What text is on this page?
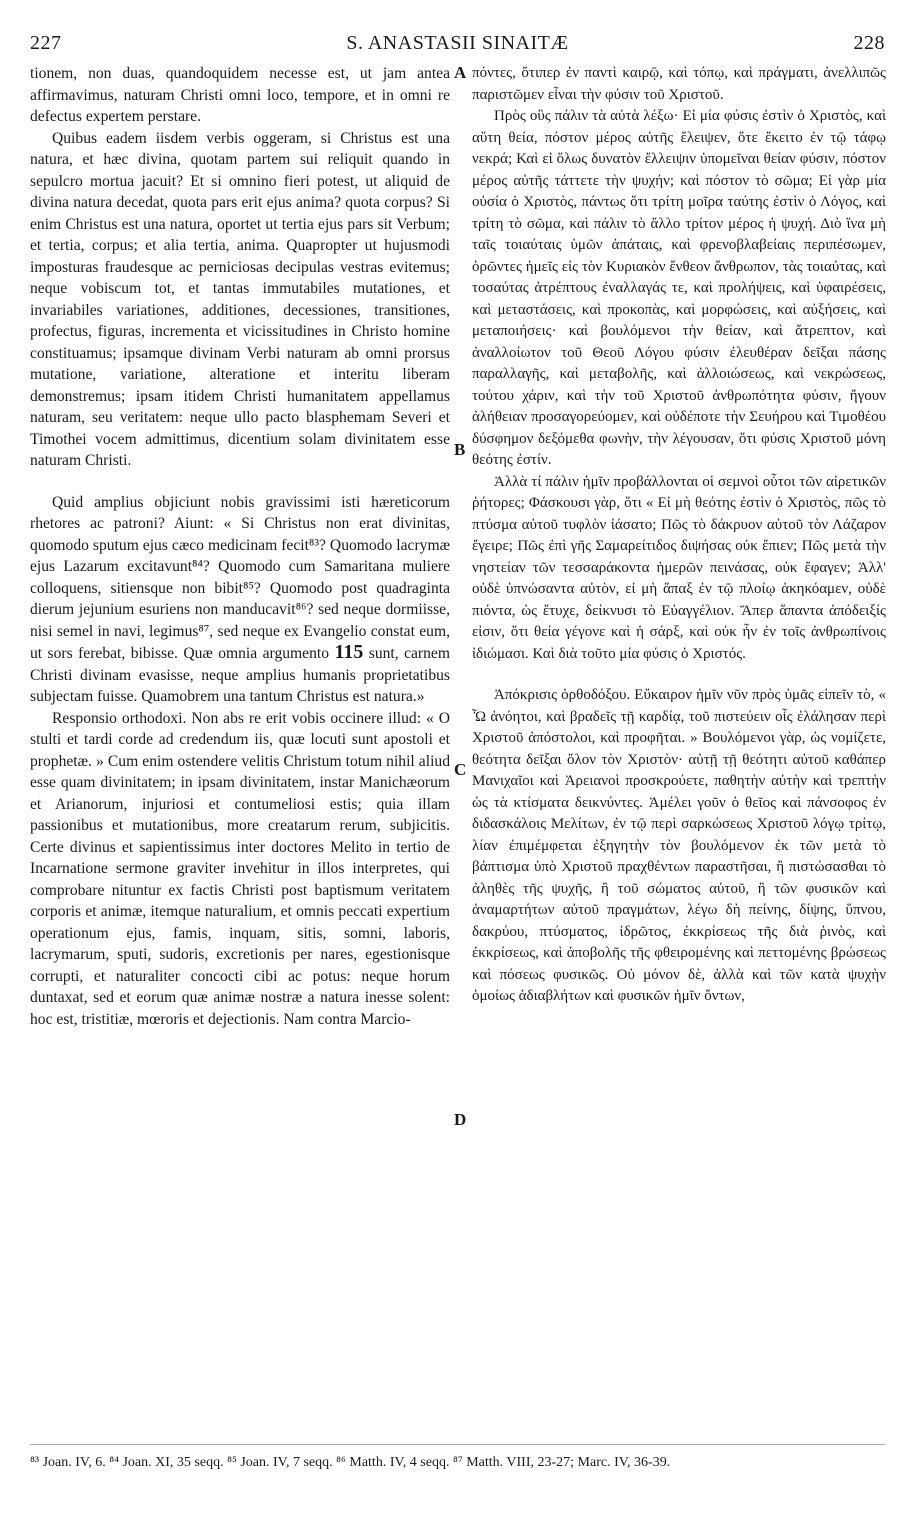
227	S. ANASTASII SINAITÆ	228

tionem, non duas, quandoquidem necesse est, ut jam antea affirmavimus, naturam Christi omni loco, tempore, et in omni re defectus expertem perstare.

Quibus eadem iisdem verbis oggeram, si Christus est una natura, et hæc divina, quotam partem sui reliquit quando in sepulcro mortua jacuit? Et si omnino fieri potest, ut aliquid de divina natura decedat, quota pars erit ejus anima? quota corpus? Si enim Christus est una natura, oportet ut tertia ejus pars sit Verbum; et tertia, corpus; et alia tertia, anima. Quapropter ut hujusmodi imposturas fraudesque ac perniciosas decipulas vestras evitemus; neque vobiscum tot, et tantas immutabiles mutationes, et invariabiles variationes, additiones, decessiones, transitiones, profectus, figuras, incrementa et vicissitudines in Christo homine constituamus; ipsamque divinam Verbi naturam ab omni prorsus mutatione, variatione, alteratione et interitu liberam demonstremus; ipsam itidem Christi humanitatem appellamus naturam, seu veritatem: neque ullo pacto blasphemam Severi et Timothei vocem admittimus, dicentium solam divinitatem esse naturam Christi.

Quid amplius objiciunt nobis gravissimi isti hæreticorum rhetores ac patroni? Aiunt: « Si Christus non erat divinitas, quomodo sputum ejus cæco medicinam fecit⁸³? Quomodo lacrymæ ejus Lazarum excitavunt⁸⁴? Quomodo cum Samaritana muliere colloquens, sitiensque non bibit⁸⁵? Quomodo post quadraginta dierum jejunium esuriens non manducavit⁸⁶? sed neque dormiisse, nisi semel in navi, legimus⁸⁷, sed neque ex Evangelio constat eum, ut sors ferebat, bibisse. Quæ omnia argumento 115 sunt, carnem Christi divinam evasisse, neque amplius humanis proprietatibus subjectam fuisse. Quamobrem una tantum Christus est natura.»

Responsio orthodoxi. Non abs re erit vobis occinere illud: « O stulti et tardi corde ad credendum iis, quæ locuti sunt apostoli et prophetæ. » Cum enim ostendere velitis Christum totum nihil aliud esse quam divinitatem; in ipsam divinitatem, instar Manichæorum et Arianorum, injuriosi et contumeliosi estis; quia illam passionibus et mutationibus, more creatarum rerum, subjicitis. Certe divinus et sapientissimus inter doctores Melito in tertio de Incarnatione sermone graviter invehitur in illos interpretes, qui comprobare nituntur ex factis Christi post baptismum veritatem corporis et animæ, itemque naturalium, et omnis peccati expertium operationum ejus, famis, inquam, sitis, somni, laboris, lacrymarum, sputi, sudoris, excretionis per nares, egestionisque corrupti, et naturaliter concocti cibi ac potus: neque horum duntaxat, sed et eorum quæ animæ nostræ a natura inesse solent: hoc est, tristitiæ, mœroris et dejectionis. Nam contra Marcio-

A
B
C
D

πόντες, ὅτιπερ ἐν παντὶ καιρῷ, καὶ τόπῳ, καὶ πράγματι, ἀνελλιπῶς παριστῶμεν εἶναι τὴν φύσιν τοῦ Χριστοῦ.

Πρὸς οὓς πάλιν τὰ αὐτὰ λέξω· Εἰ μία φύσις ἐστὶν ὁ Χριστὸς, καὶ αὕτη θεία, πόστον μέρος αὐτῆς ἔλειψεν, ὅτε ἔκειτο ἐν τῷ τάφῳ νεκρά; Καὶ εἰ ὅλως δυνατὸν ἔλλειψιν ὑπομεῖναι θείαν φύσιν, πόστον μέρος αὐτῆς τάττετε τὴν ψυχήν; καὶ πόστον τὸ σῶμα; Εἰ γὰρ μία οὐσία ὁ Χριστὸς, πάντως ὅτι τρίτη μοῖρα ταύτης ἐστὶν ὁ Λόγος, καὶ τρίτη τὸ σῶμα, καὶ πάλιν τὸ ἄλλο τρίτον μέρος ἡ ψυχή. Διὸ ἵνα μὴ ταῖς τοιαύταις ὑμῶν ἀπάταις, καὶ φρενοβλαβείαις περιπέσωμεν, ὁρῶντες ἡμεῖς εἰς τὸν Κυριακὸν ἔνθεον ἄνθρωπον, τὰς τοιαύτας, καὶ τοσαύτας ἀτρέπτους ἐναλλαγάς τε, καὶ προλήψεις, καὶ ὑφαιρέσεις, καὶ μεταστάσεις, καὶ προκοπὰς, καὶ μορφώσεις, καὶ αὐξήσεις, καὶ μεταποιήσεις· καὶ βουλόμενοι τὴν θείαν, καὶ ἄτρεπτον, καὶ ἀναλλοίωτον τοῦ Θεοῦ Λόγου φύσιν ἐλευθέραν δεῖξαι πάσης παραλλαγῆς, καὶ μεταβολῆς, καὶ ἀλλοιώσεως, καὶ νεκρώσεως, τούτου χάριν, καὶ τὴν τοῦ Χριστοῦ ἀνθρωπότητα φύσιν, ἤγουν ἀλήθειαν προσαγορεύομεν, καὶ οὐδέποτε τὴν Σευήρου καὶ Τιμοθέου δύσφημον δεξόμεθα φωνὴν, τὴν λέγουσαν, ὅτι φύσις Χριστοῦ μόνη θεότης ἐστίν.

Ἀλλὰ τί πάλιν ἡμῖν προβάλλονται οἱ σεμνοὶ οὗτοι τῶν αἱρετικῶν ῥήτορες; Φάσκουσι γὰρ, ὅτι « Εἰ μὴ θεότης ἐστὶν ὁ Χριστὸς, πῶς τὸ πτύσμα αὐτοῦ τυφλὸν ἰάσατο; Πῶς τὸ δάκρυον αὐτοῦ τὸν Λάζαρον ἔγειρε; Πῶς ἐπὶ γῆς Σαμαρείτιδος διψήσας οὐκ ἔπιεν; Πῶς μετὰ τὴν νηστείαν τῶν τεσσαράκοντα ἡμερῶν πεινάσας, οὐκ ἔφαγεν; Ἀλλ' οὐδὲ ὑπνώσαντα αὐτὸν, εἰ μὴ ἅπαξ ἐν τῷ πλοίῳ ἀκηκόαμεν, οὐδὲ πιόντα, ὡς ἔτυχε, δείκνυσι τὸ Εὐαγγέλιον. Ἅπερ ἅπαντα ἀπόδειξίς εἰσιν, ὅτι θεία γέγονε καὶ ἡ σάρξ, καὶ οὐκ ἦν ἐν τοῖς ἀνθρωπίνοις ἰδιώμασι. Καὶ διὰ τοῦτο μία φύσις ὁ Χριστός.

Ἀπόκρισις ὀρθοδόξου. Εὔκαιρον ἡμῖν νῦν πρὸς ὑμᾶς εἰπεῖν τὸ, « Ὦ ἀνόητοι, καὶ βραδεῖς τῇ καρδίᾳ, τοῦ πιστεύειν οἷς ἐλάλησαν περὶ Χριστοῦ ἀπόστολοι, καὶ προφῆται. » Βουλόμενοι γὰρ, ὡς νομίζετε, θεότητα δεῖξαι ὅλον τὸν Χριστὸν· αὐτῇ τῇ θεότητι αὐτοῦ καθάπερ Μανιχαῖοι καὶ Ἀρειανοὶ προσκρούετε, παθητὴν αὐτὴν καὶ τρεπτὴν ὡς τὰ κτίσματα δεικνύντες. Ἀμέλει γοῦν ὁ θεῖος καὶ πάνσοφος ἐν διδασκάλοις Μελίτων, ἐν τῷ περὶ σαρκώσεως Χριστοῦ λόγῳ τρίτῳ, λίαν ἐπιμέμφεται ἐξηγητὴν τὸν βουλόμενον ἐκ τῶν μετὰ τὸ βάπτισμα ὑπὸ Χριστοῦ πραχθέντων παραστῆσαι, ἢ πιστώσασθαι τὸ ἀληθὲς τῆς ψυχῆς, ἢ τοῦ σώματος αὐτοῦ, ἢ τῶν φυσικῶν καὶ ἀναμαρτήτων αὐτοῦ πραγμάτων, λέγω δὴ πείνης, δίψης, ὕπνου, δακρύου, πτύσματος, ἱδρῶτος, ἐκκρίσεως τῆς διὰ ῥινὸς, καὶ ἐκκρίσεως, καὶ ἀποβολῆς τῆς φθειρομένης καὶ πεττομένης βρώσεως καὶ πόσεως φυσικῶς. Οὐ μόνον δὲ, ἀλλὰ καὶ τῶν κατὰ ψυχὴν ὁμοίως ἀδιαβλήτων καὶ φυσικῶν ἡμῖν ὄντων,

⁸³ Joan. IV, 6. ⁸⁴ Joan. XI, 35 seqq. ⁸⁵ Joan. IV, 7 seqq. ⁸⁶ Matth. IV, 4 seqq. ⁸⁷ Matth. VIII, 23-27; Marc. IV, 36-39.
